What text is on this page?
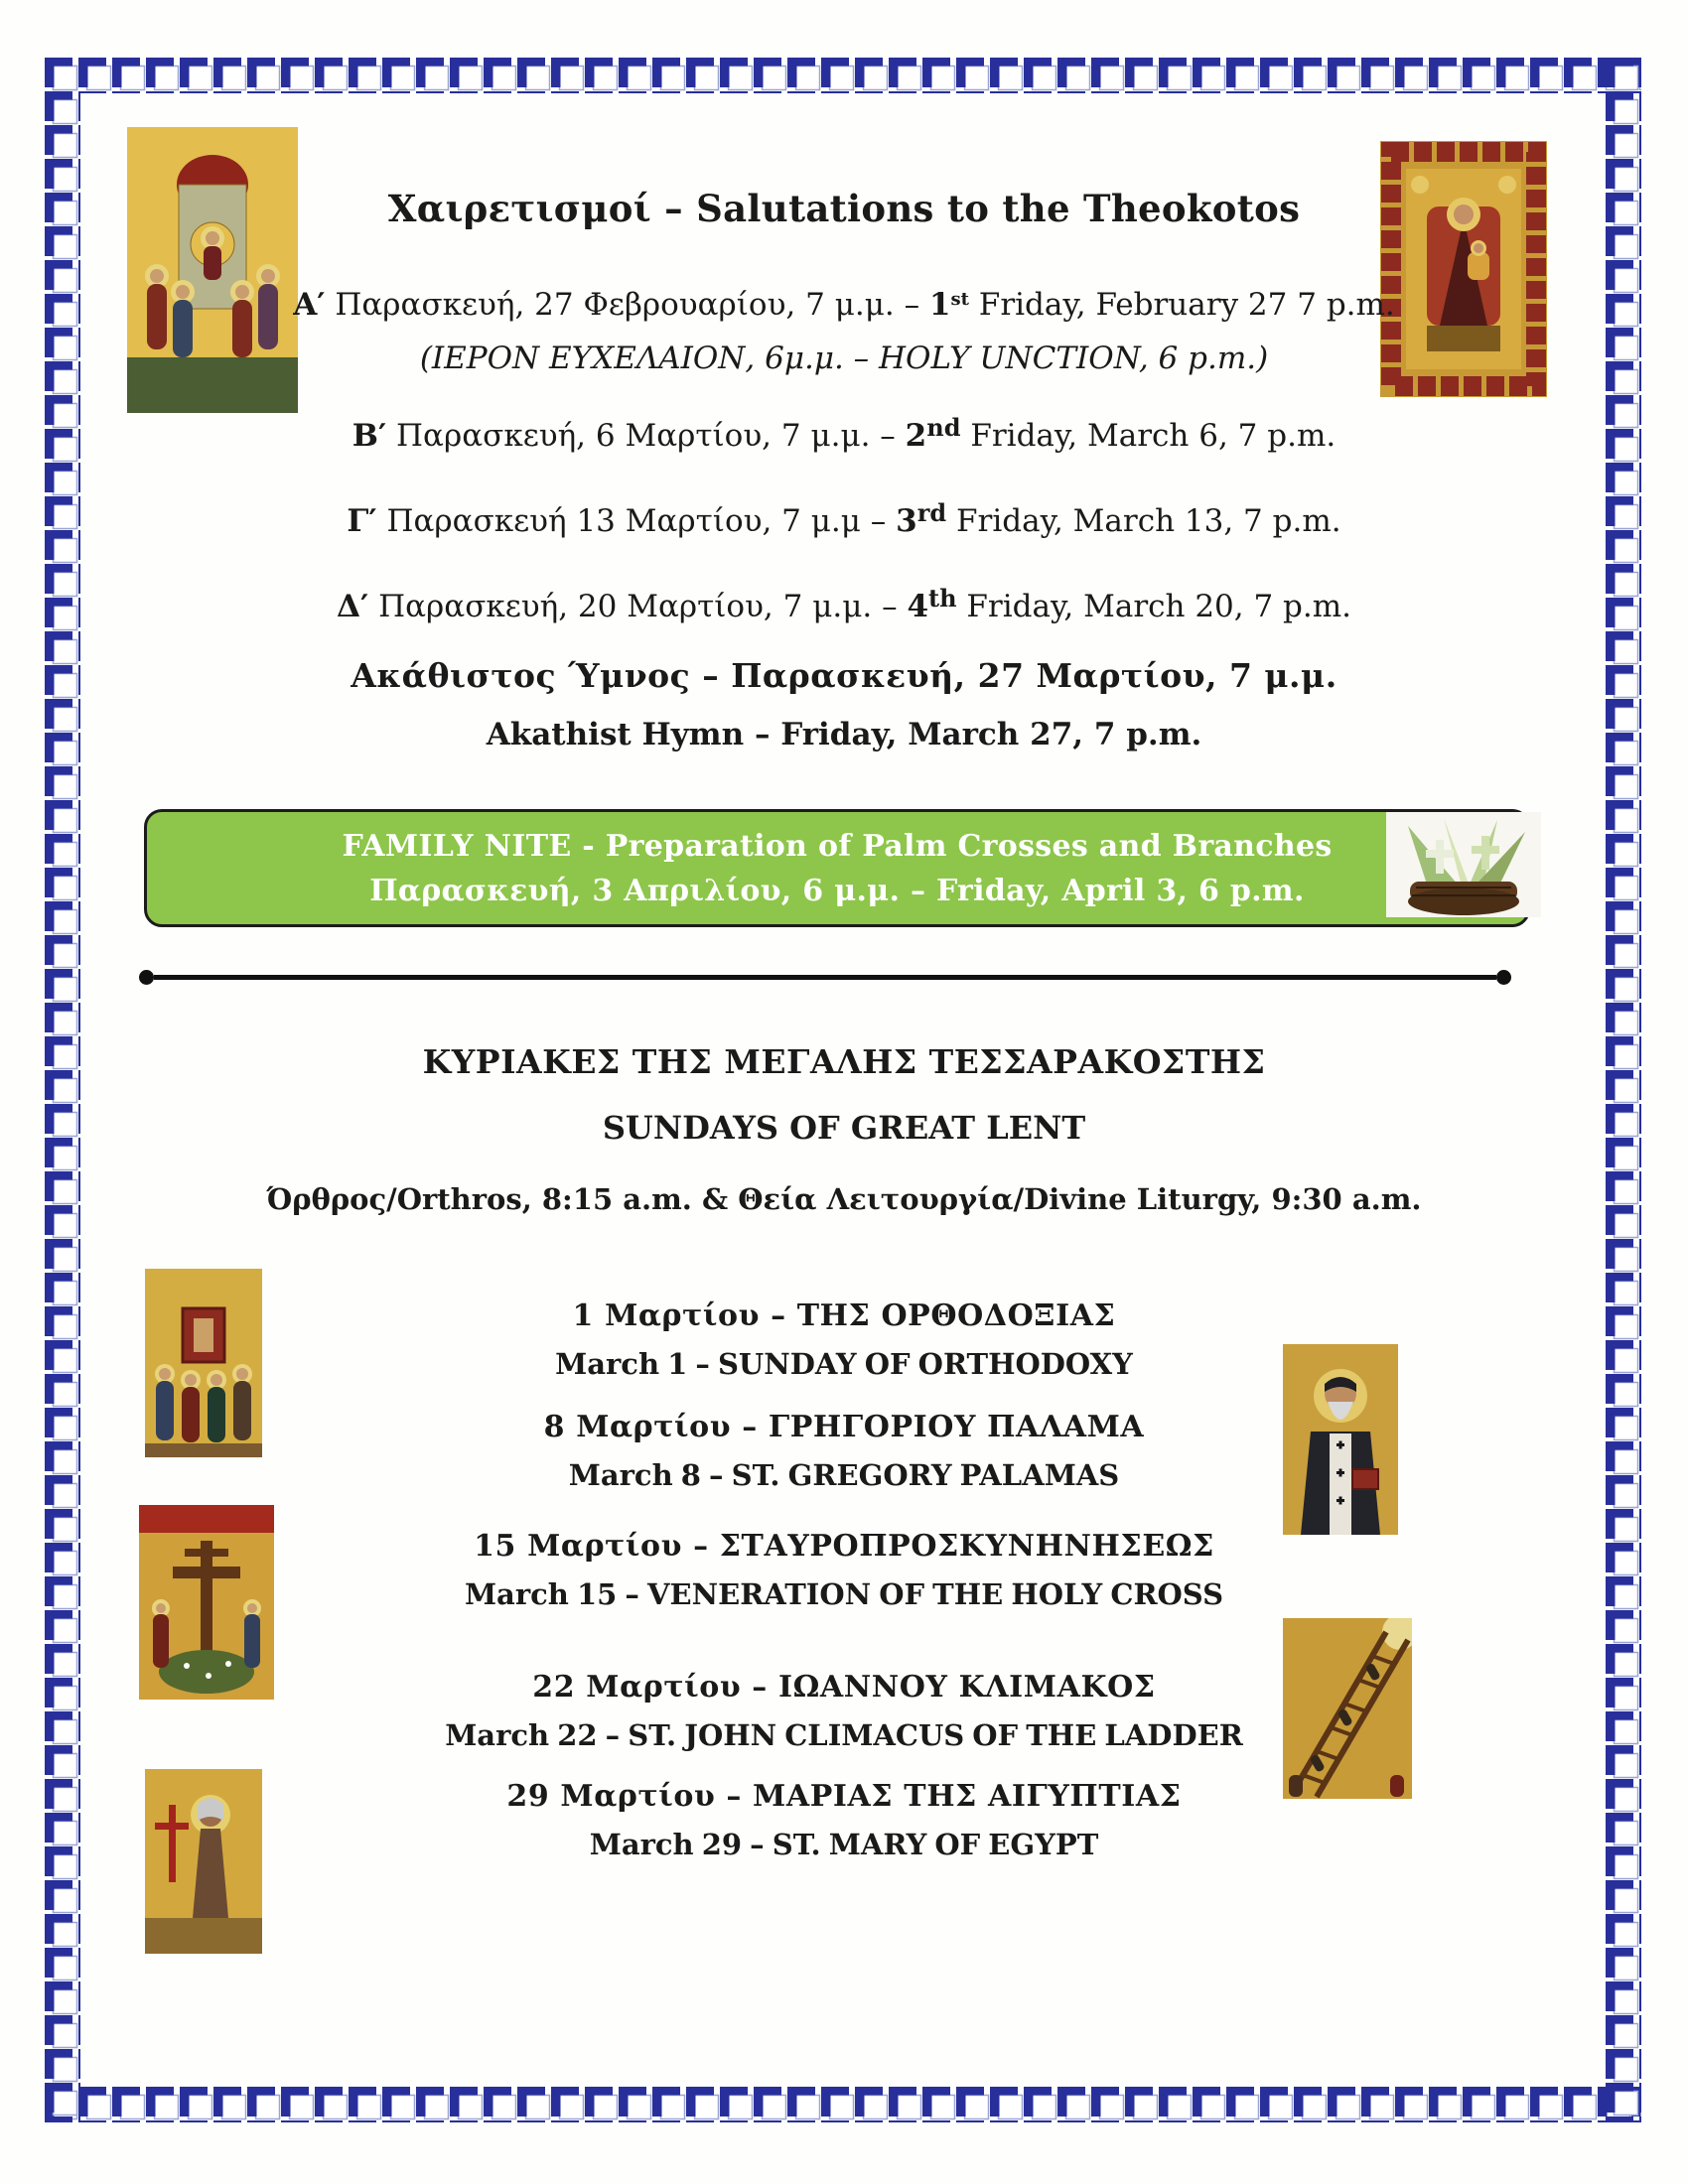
Χαιρετισμοί – Salutations to the Theokotos

Α′ Παρασκευή, 27 Φεβρουαρίου, 7 μ.μ. – 1st Friday, February 27 7 p.m.

(ΙΕΡΟΝ ΕΥΧΕΛΑΙΟΝ, 6μ.μ. – HOLY UNCTION, 6 p.m.)

Β′ Παρασκευή, 6 Μαρτίου, 7 μ.μ. – 2nd Friday, March 6, 7 p.m.

Γ′ Παρασκευή 13 Μαρτίου, 7 μ.μ – 3rd Friday, March 13, 7 p.m.

Δ′ Παρασκευή, 20 Μαρτίου, 7 μ.μ. – 4th Friday, March 20, 7 p.m.

Ακάθιστος Ύμνος – Παρασκευή, 27 Μαρτίου, 7 μ.μ.

Akathist Hymn – Friday, March 27, 7 p.m.

FAMILY NITE - Preparation of Palm Crosses and Branches

Παρασκευή, 3 Απριλίου, 6 μ.μ. – Friday, April 3, 6 p.m.

ΚΥΡΙΑΚΕΣ ΤΗΣ ΜΕΓΑΛΗΣ ΤΕΣΣΑΡΑΚΟΣΤΗΣ
SUNDAYS OF GREAT LENT

Όρθρος/Orthros, 8:15 a.m. & Θεία Λειτουργία/Divine Liturgy, 9:30 a.m.

1 Μαρτίου – ΤΗΣ ΟΡΘΟΔΟΞΙΑΣ

March 1 – SUNDAY OF ORTHODOXY

8 Μαρτίου – ΓΡΗΓΟΡΙΟΥ ΠΑΛΑΜΑ

March 8 – ST. GREGORY PALAMAS

15 Μαρτίου – ΣΤΑΥΡΟΠΡΟΣΚΥΝΗΝΗΣΕΩΣ

March 15 – VENERATION OF THE HOLY CROSS

22 Μαρτίου – ΙΩΑΝΝΟΥ ΚΛΙΜΑΚΟΣ

March 22 – ST. JOHN CLIMACUS OF THE LADDER

29 Μαρτίου – ΜΑΡΙΑΣ ΤΗΣ ΑΙΓΥΠΤΙΑΣ

March 29 – ST. MARY OF EGYPT
